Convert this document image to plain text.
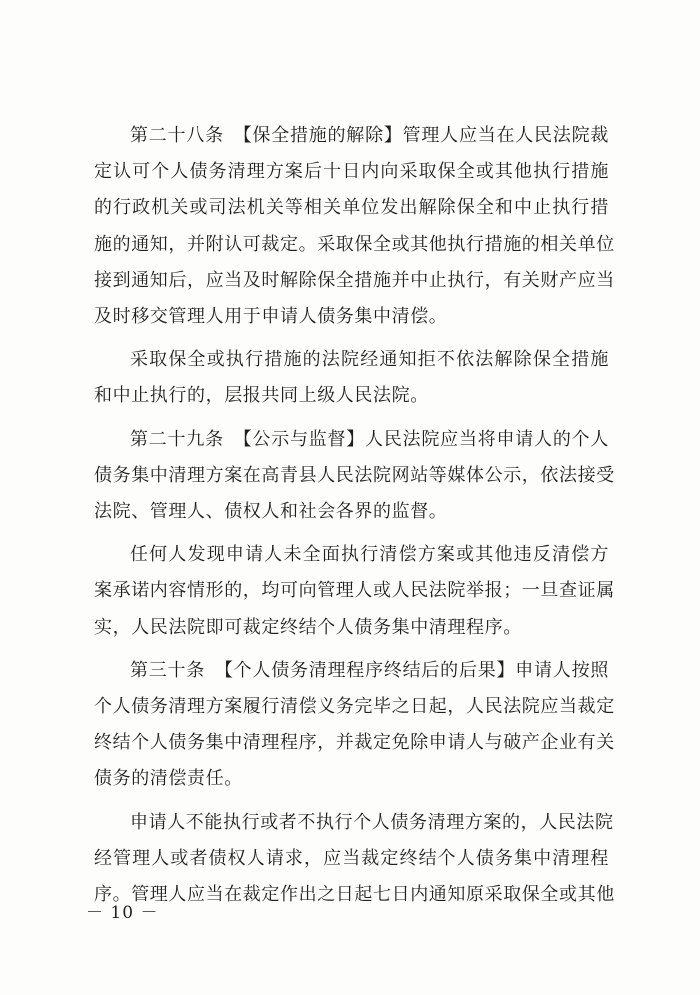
第二十八条　【保全措施的解除】管理人应当在人民法院裁
定认可个人债务清理方案后十日内向采取保全或其他执行措施
的行政机关或司法机关等相关单位发出解除保全和中止执行措
施的通知，并附认可裁定。采取保全或其他执行措施的相关单位
接到通知后，应当及时解除保全措施并中止执行，有关财产应当
及时移交管理人用于申请人债务集中清偿。
采取保全或执行措施的法院经通知拒不依法解除保全措施
和中止执行的，层报共同上级人民法院。
第二十九条　【公示与监督】人民法院应当将申请人的个人
债务集中清理方案在高青县人民法院网站等媒体公示，依法接受
法院、管理人、债权人和社会各界的监督。
任何人发现申请人未全面执行清偿方案或其他违反清偿方
案承诺内容情形的，均可向管理人或人民法院举报；一旦查证属
实，人民法院即可裁定终结个人债务集中清理程序。
第三十条　【个人债务清理程序终结后的后果】申请人按照
个人债务清理方案履行清偿义务完毕之日起，人民法院应当裁定
终结个人债务集中清理程序，并裁定免除申请人与破产企业有关
债务的清偿责任。
申请人不能执行或者不执行个人债务清理方案的，人民法院
经管理人或者债权人请求，应当裁定终结个人债务集中清理程
序。管理人应当在裁定作出之日起七日内通知原采取保全或其他
－ 10 －
